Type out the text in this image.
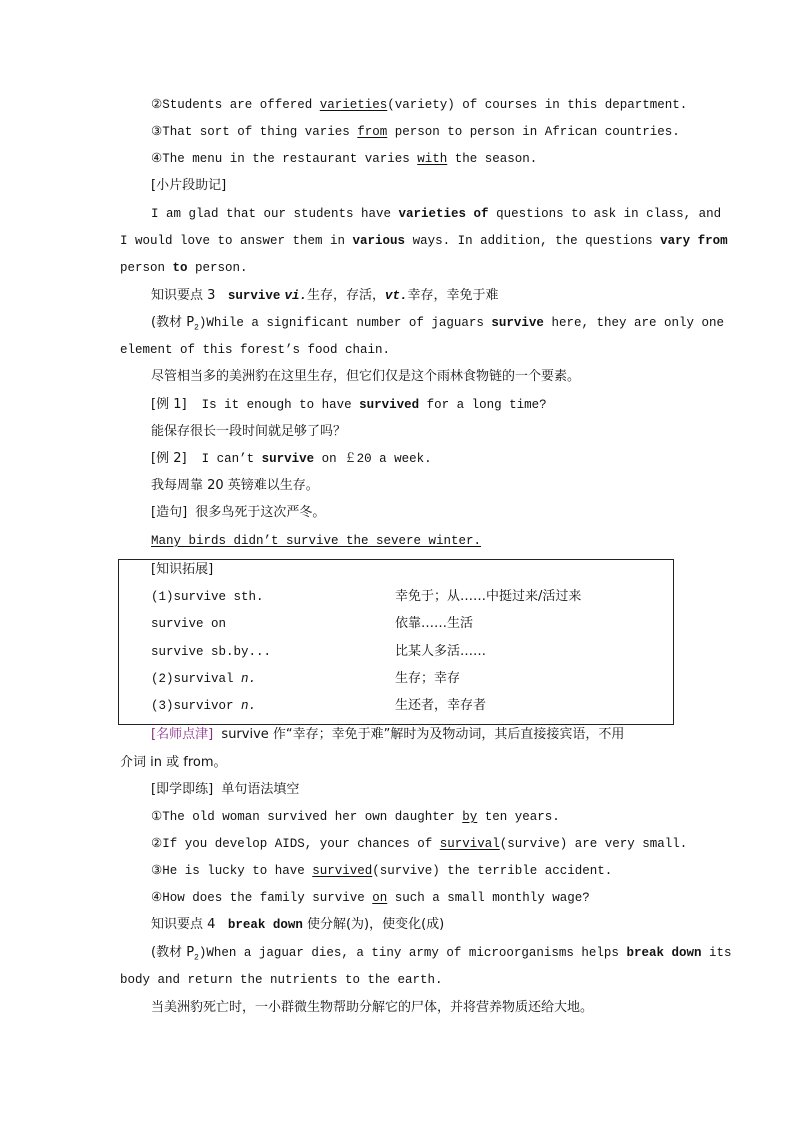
②Students are offered varieties(variety) of courses in this department.
③That sort of thing varies from person to person in African countries.
④The menu in the restaurant varies with the season.
[小片段助记]
I am glad that our students have varieties of questions to ask in class, and
I would love to answer them in various ways. In addition, the questions vary from
person to person.
知识要点 3 survive vi.生存，存活，vt.幸存，幸免于难
(教材 $P_2)While$ a significant number of jaguars survive here, they are only one
element of this forest’s food chain.
尽管相当多的美洲豹在这里生存，但它们仅是这个雨林食物链的一个要素。
[例 1] Is it enough to have survived for a long time?
能保存很长一段时间就足够了吗？
[例 2] I can’t survive on ￡20 a week.
我每周靠 20 英镑难以生存。
[造句] 很多鸟死于这次严冬。
Many birds didn’t survive the severe winter.
[知识拓展]
(1)survive sth.	幸免于；从……中挺过来/活过来
survive on	依靠……生活
survive sb.by...	比某人多活……
(2)survival n.	生存；幸存
(3)survivor n.	生还者，幸存者
[名师点津] survive 作“幸存；幸免于难”解时为及物动词，其后直接接宾语，不用
介词 in 或 from。
[即学即练] 单句语法填空
①The old woman survived her own daughter by ten years.
②If you develop AIDS, your chances of survival(survive) are very small.
③He is lucky to have survived(survive) the terrible accident.
④How does the family survive on such a small monthly wage?
知识要点 4 break down 使分解(为)，使变化(成)
(教材 $P_2)When$ a jaguar dies, a tiny army of microorganisms helps break down its
body and return the nutrients to the earth.
当美洲豹死亡时，一小群微生物帮助分解它的尸体，并将营养物质还给大地。
